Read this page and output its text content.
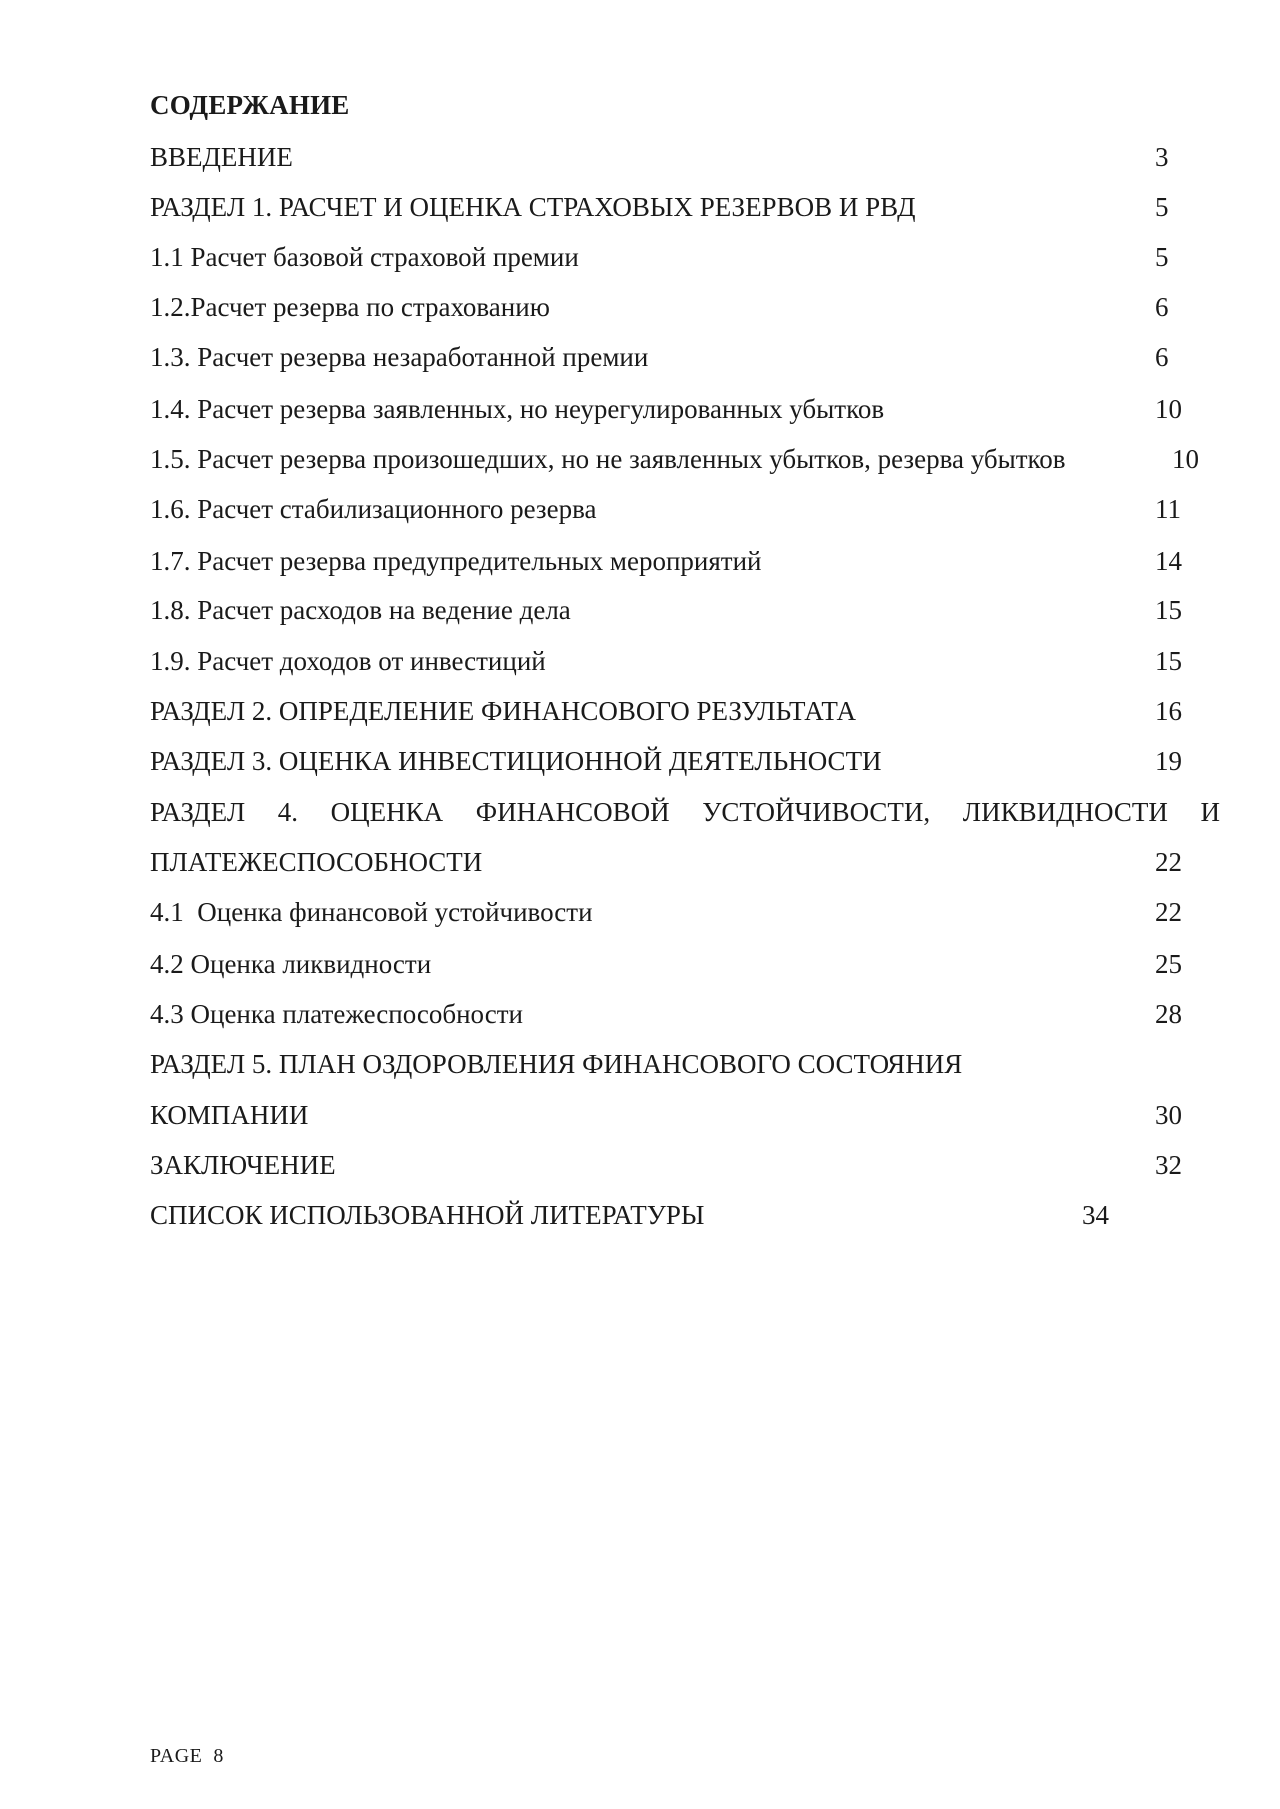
СОДЕРЖАНИЕ
ВВЕДЕНИЕ	3
РАЗДЕЛ 1. РАСЧЕТ И ОЦЕНКА СТРАХОВЫХ РЕЗЕРВОВ И РВД	5
1.1 Расчет базовой страховой премии	5
1.2.Расчет резерва по страхованию	6
1.3. Расчет резерва незаработанной премии	6
1.4. Расчет резерва заявленных, но неурегулированных убытков	10
1.5. Расчет резерва произошедших, но не заявленных убытков, резерва убытков	10
1.6. Расчет стабилизационного резерва	11
1.7. Расчет резерва предупредительных мероприятий	14
1.8. Расчет расходов на ведение дела	15
1.9. Расчет доходов от инвестиций	15
РАЗДЕЛ 2. ОПРЕДЕЛЕНИЕ ФИНАНСОВОГО РЕЗУЛЬТАТА	16
РАЗДЕЛ 3. ОЦЕНКА ИНВЕСТИЦИОННОЙ ДЕЯТЕЛЬНОСТИ	19
РАЗДЕЛ 4. ОЦЕНКА ФИНАНСОВОЙ УСТОЙЧИВОСТИ, ЛИКВИДНОСТИ И
ПЛАТЕЖЕСПОСОБНОСТИ	22
4.1  Оценка финансовой устойчивости	22
4.2 Оценка ликвидности	25
4.3 Оценка платежеспособности	28
РАЗДЕЛ 5. ПЛАН ОЗДОРОВЛЕНИЯ ФИНАНСОВОГО СОСТОЯНИЯ
КОМПАНИИ	30
ЗАКЛЮЧЕНИЕ	32
СПИСОК ИСПОЛЬЗОВАННОЙ ЛИТЕРАТУРЫ	34
PAGE  8
